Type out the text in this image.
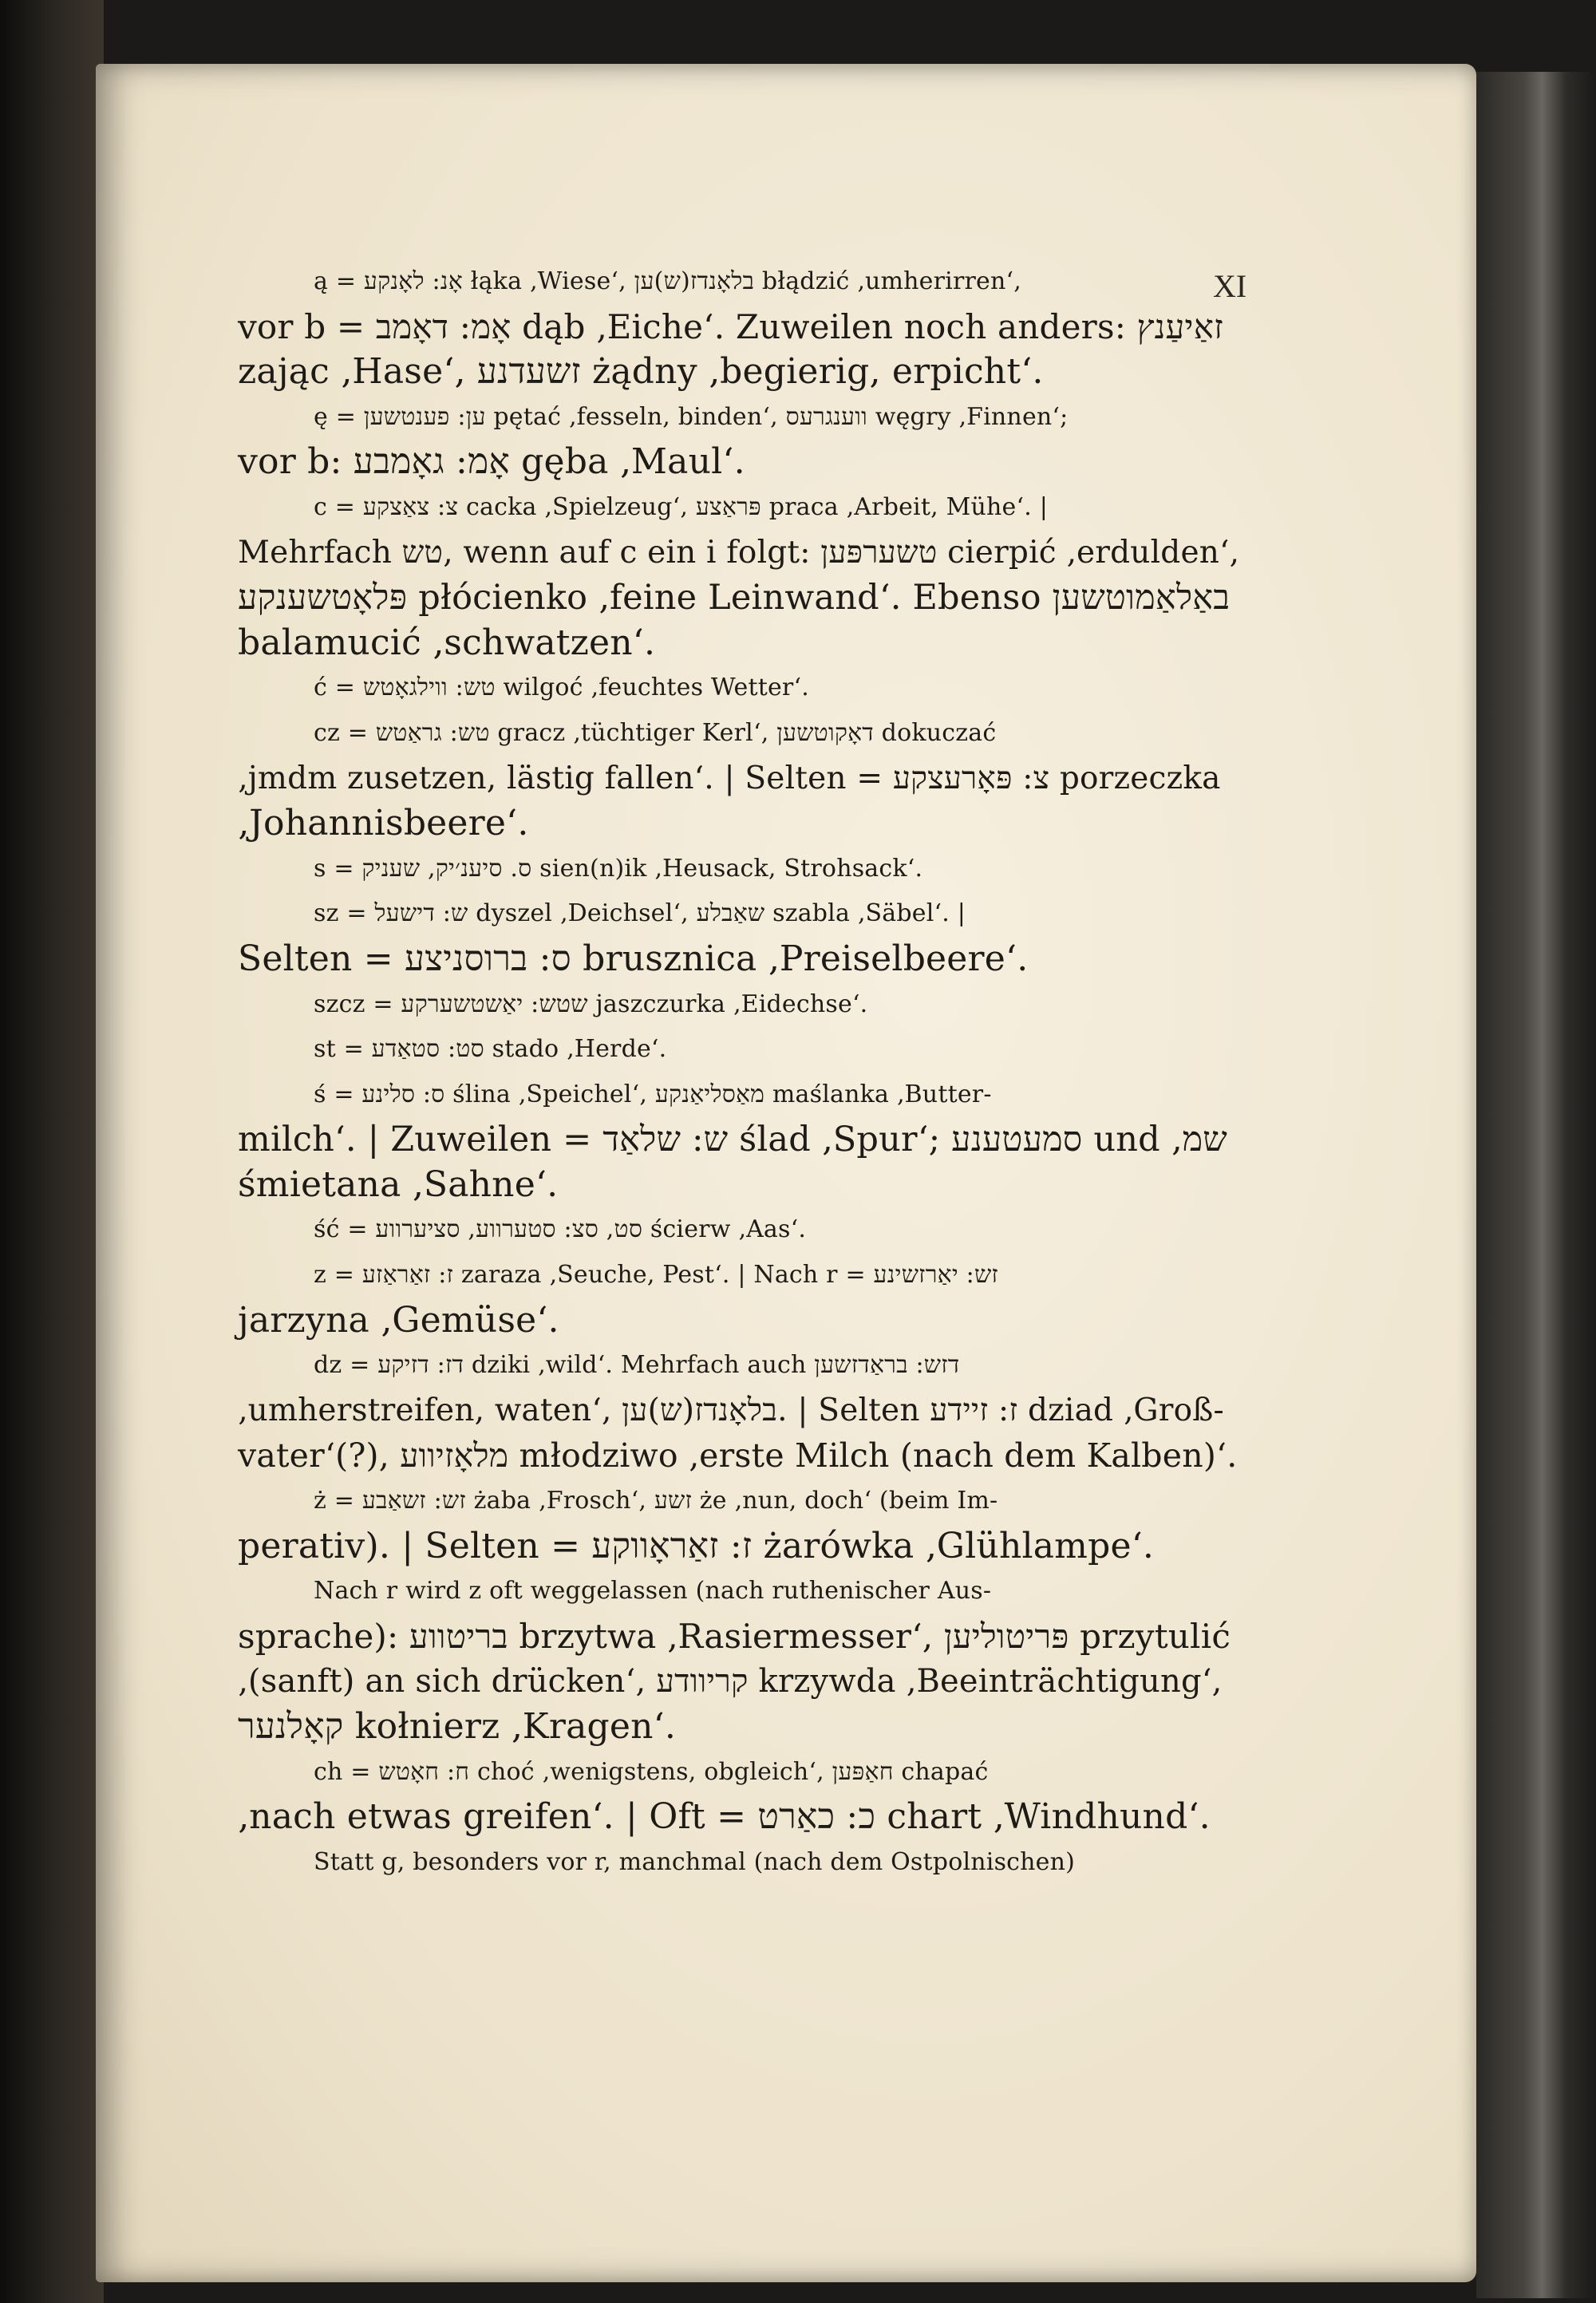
XI
ą = אָנ: לאָנקע łąka ‚Wiese‘, בלאָנדז(ש)ען błądzić ‚umherirren‘,
vor b = אָמ: דאָמב dąb ‚Eiche‘. Zuweilen noch anders: זאַיעַנץ
zając ‚Hase‘, זשעדנע żądny ‚begierig, erpicht‘.
ę = ען: פענטשען pętać ‚fesseln, binden‘, ווענגרעס węgry ‚Finnen‘;
vor b: אָמ: גאָמבע gęba ‚Maul‘.
c = צ: צאַצקע cacka ‚Spielzeug‘, פּראַצע praca ‚Arbeit, Mühe‘. |
Mehrfach טש, wenn auf c ein i folgt: טשערפּען cierpić ‚erdulden‘,
פּלאָטשענקע płócienko ‚feine Leinwand‘. Ebenso באַלאַמוטשען
balamucić ‚schwatzen‘.
ć = טש: ווילגאָטש wilgoć ‚feuchtes Wetter‘.
cz = טש: גראַטש gracz ‚tüchtiger Kerl‘, דאָקוטשען dokuczać
‚jmdm zusetzen, lästig fallen‘. | Selten = צ: פּאָרעצקע porzeczka
‚Johannisbeere‘.
s = ס. סיענ׳יק, שעניק sien(n)ik ‚Heusack, Strohsack‘.
sz = ש: דישעל dyszel ‚Deichsel‘, שאַבלע szabla ‚Säbel‘. |
Selten = ס: ברוסניצע brusznica ‚Preiselbeere‘.
szcz = שטש: יאַשטשערקע jaszczurka ‚Eidechse‘.
st = סט: סטאַדע stado ‚Herde‘.
ś = ס: סלינע ślina ‚Speichel‘, מאַסליאַנקע maślanka ‚Butter-
milch‘. | Zuweilen = ש: שלאַד ślad ‚Spur‘; סמעטענע und ‚שמ
śmietana ‚Sahne‘.
ść = סט, סצ: סטערווע, סציערווע ścierw ‚Aas‘.
z = ז: זאַראַזע zaraza ‚Seuche, Pest‘. | Nach r = זש: יאַרזשינע
jarzyna ‚Gemüse‘.
dz = דז: דזיקע dziki ‚wild‘. Mehrfach auch דזש: בראַדזשען
‚umherstreifen, waten‘, בלאָנדז(ש)ען. | Selten ז: זיידע dziad ‚Groß-
vater‘(?), מלאָזיווע młodziwo ‚erste Milch (nach dem Kalben)‘.
ż = זש: זשאַבע żaba ‚Frosch‘, זשע że ‚nun, doch‘ (beim Im-
perativ). | Selten = ז: זאַראָווקע żarówka ‚Glühlampe‘.
Nach r wird z oft weggelassen (nach ruthenischer Aus-
sprache): בריטווע brzytwa ‚Rasiermesser‘, פּריטוליען przytulić
‚(sanft) an sich drücken‘, קריוודע krzywda ‚Beeinträchtigung‘,
קאָלנער kołnierz ‚Kragen‘.
ch = ח: חאָטש choć ‚wenigstens, obgleich‘, חאַפּען chapać
‚nach etwas greifen‘. | Oft = כ: כאַרט chart ‚Windhund‘.
Statt g, besonders vor r, manchmal (nach dem Ostpolnischen)
